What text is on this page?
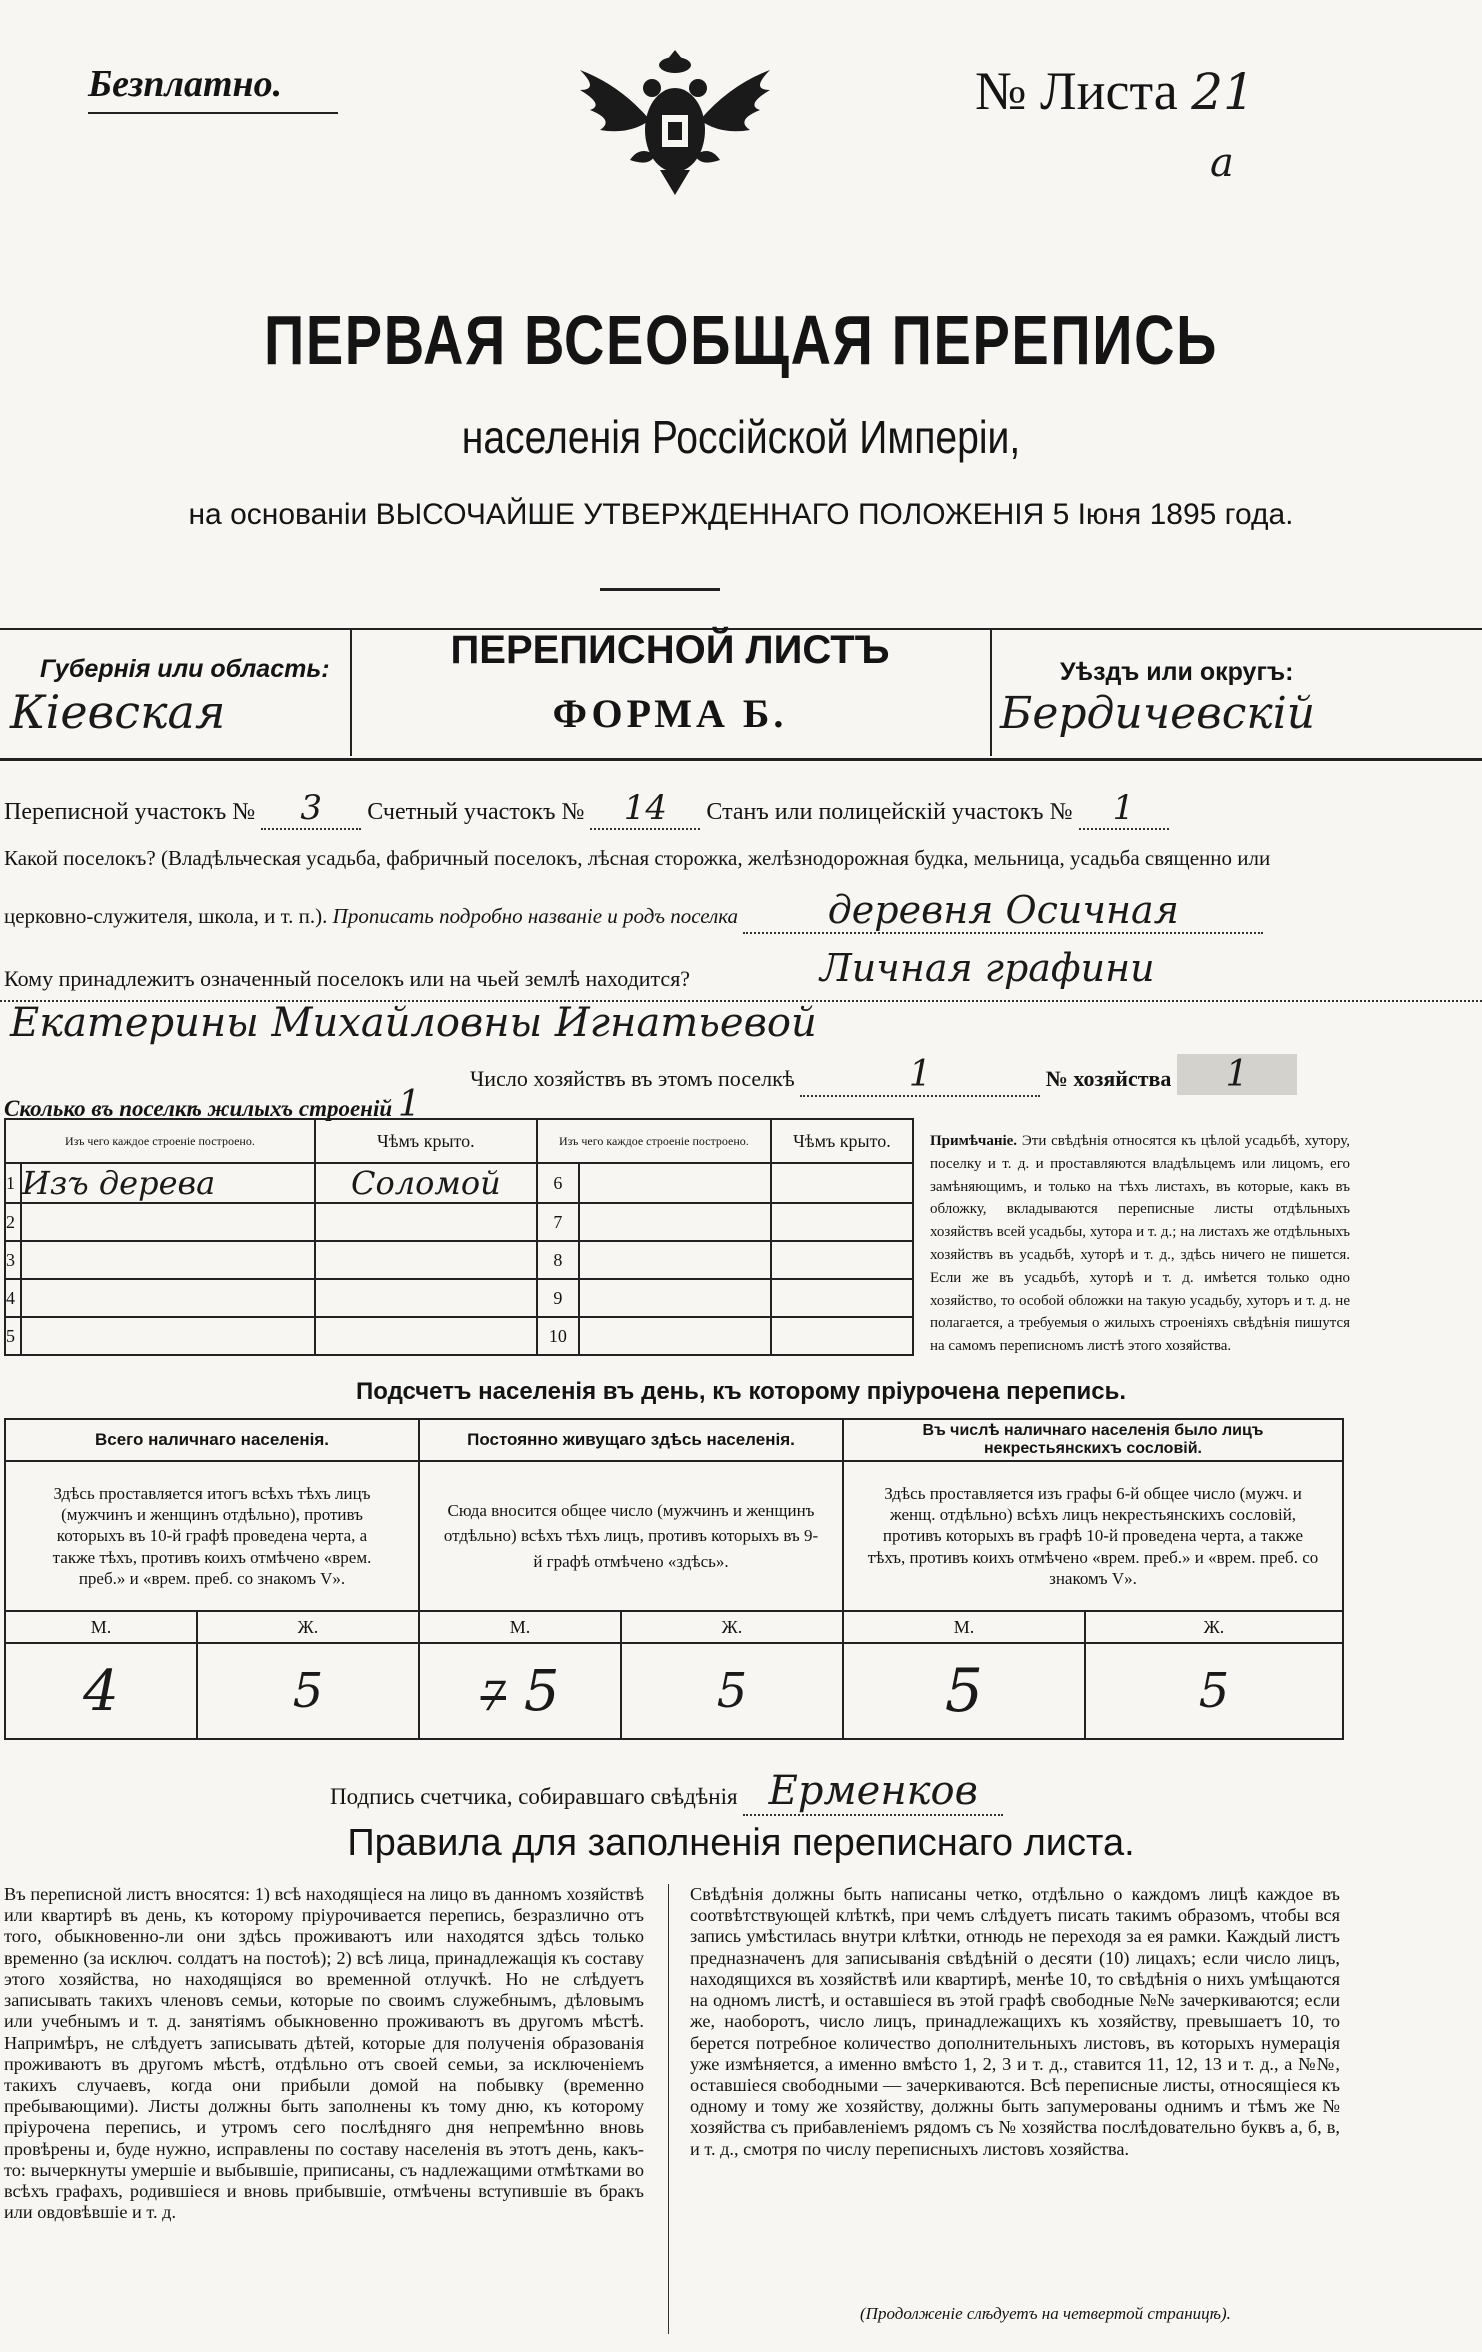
Безплатно.	№ Листа 21
а
ПЕРВАЯ ВСЕОБЩАЯ ПЕРЕПИСЬ
населенія Россійской Имперіи,
на основаніи ВЫСОЧАЙШЕ УТВЕРЖДЕННАГО ПОЛОЖЕНІЯ 5 Іюня 1895 года.
Губернія или область:
Кіевская
ПЕРЕПИСНОЙ ЛИСТЪ
ФОРМА Б.
Уѣздъ или округъ:
Бердичевскій
Переписной участокъ № 3 Счетный участокъ № 14 Станъ или полицейскій участокъ № 1
Какой поселокъ? (Владѣльческая усадьба, фабричный поселокъ, лѣсная сторожка, желѣзнодорожная будка, мельница, усадьба священно или
церковно-служителя, школа, и т. п.). Прописать подробно названіе и родъ поселка деревня Осичная
Кому принадлежитъ означенный поселокъ или на чьей землѣ находится?	Личная графини
Екатерины Михайловны Игнатьевой
Число хозяйствъ въ этомъ поселкѣ	1	№ хозяйства 1
Сколько въ поселкѣ жилыхъ строеній 1
Изъ чего каждое строеніе построено.		Чѣмъ крыто.	Изъ чего каждое строеніе построено.		Чѣмъ крыто.
1	Изъ дерева	Соломой	6		
2			7		
3			8		
4			9		
5			10		
Примѣчаніе. Эти свѣдѣнія относятся къ цѣлой усадьбѣ, хутору, поселку и т. д. и проставляются владѣльцемъ или лицомъ, его замѣняющимъ, и только на тѣхъ листахъ, въ которые, какъ въ обложку, вкладываются переписные листы отдѣльныхъ хозяйствъ всей усадьбы, хутора и т. д.; на листахъ же отдѣльныхъ хозяйствъ въ усадьбѣ, хуторѣ и т. д., здѣсь ничего не пишется. Если же въ усадьбѣ, хуторѣ и т. д. имѣется только одно хозяйство, то особой обложки на такую усадьбу, хуторъ и т. д. не полагается, а требуемыя о жилыхъ строеніяхъ свѣдѣнія пишутся на самомъ переписномъ листѣ этого хозяйства.
Подсчетъ населенія въ день, къ которому пріурочена перепись.
Всего наличнаго населенія.		Постоянно живущаго здѣсь населенія.		Въ числѣ наличнаго населенія было лицъ некрестьянскихъ сословій.	
Здѣсь проставляется итогъ всѣхъ тѣхъ лицъ (мужчинъ и женщинъ отдѣльно), противъ которыхъ въ 10-й графѣ проведена черта, а также тѣхъ, противъ коихъ отмѣчено «врем. преб.» и «врем. преб. со знакомъ V».		Сюда вносится общее число (мужчинъ и женщинъ отдѣльно) всѣхъ тѣхъ лицъ, противъ которыхъ въ 9-й графѣ отмѣчено «здѣсь».		Здѣсь проставляется изъ графы 6-й общее число (мужч. и женщ. отдѣльно) всѣхъ лицъ некрестьянскихъ сословій, противъ которыхъ въ графѣ 10-й проведена черта, а также тѣхъ, противъ коихъ отмѣчено «врем. преб.» и «врем. преб. со знакомъ V».	
М.	Ж.	М.	Ж.	М.	Ж.
4	5	7 5	5	5	5
Подпись счетчика, собиравшаго свѣдѣнія Ерменков
Правила для заполненія переписнаго листа.
Въ переписной листъ вносятся: 1) всѣ находящіеся на лицо въ данномъ хозяйствѣ или квартирѣ въ день, къ которому пріурочивается перепись, безразлично отъ того, обыкновенно-ли они здѣсь проживаютъ или находятся здѣсь только временно (за исключ. солдатъ на постоѣ); 2) всѣ лица, принадлежащія къ составу этого хозяйства, но находящіяся во временной отлучкѣ. Но не слѣдуетъ записывать такихъ членовъ семьи, которые по своимъ служебнымъ, дѣловымъ или учебнымъ и т. д. занятіямъ обыкновенно проживаютъ въ другомъ мѣстѣ. Напримѣръ, не слѣдуетъ записывать дѣтей, которые для полученія образованія проживаютъ въ другомъ мѣстѣ, отдѣльно отъ своей семьи, за исключеніемъ такихъ случаевъ, когда они прибыли домой на побывку (временно пребывающими). Листы должны быть заполнены къ тому дню, къ которому пріурочена перепись, и утромъ сего послѣдняго дня непремѣнно вновь провѣрены и, буде нужно, исправлены по составу населенія въ этотъ день, какъ-то: вычеркнуты умершіе и выбывшіе, приписаны, съ надлежащими отмѣтками во всѣхъ графахъ, родившіеся и вновь прибывшіе, отмѣчены вступившіе въ бракъ или овдовѣвшіе и т. д.
Свѣдѣнія должны быть написаны четко, отдѣльно о каждомъ лицѣ каждое въ соотвѣтствующей клѣткѣ, при чемъ слѣдуетъ писать такимъ образомъ, чтобы вся запись умѣстилась внутри клѣтки, отнюдь не переходя за ея рамки. Каждый листъ предназначенъ для записыванія свѣдѣній о десяти (10) лицахъ; если число лицъ, находящихся въ хозяйствѣ или квартирѣ, менѣе 10, то свѣдѣнія о нихъ умѣщаются на одномъ листѣ, и оставшіеся въ этой графѣ свободные №№ зачеркиваются; если же, наоборотъ, число лицъ, принадлежащихъ къ хозяйству, превышаетъ 10, то берется потребное количество дополнительныхъ листовъ, въ которыхъ нумерація уже измѣняется, а именно вмѣсто 1, 2, 3 и т. д., ставится 11, 12, 13 и т. д., а №№, оставшіеся свободными — зачеркиваются. Всѣ переписные листы, относящіеся къ одному и тому же хозяйству, должны быть запумерованы однимъ и тѣмъ же № хозяйства съ прибавленіемъ рядомъ съ № хозяйства послѣдовательно буквъ а, б, в, и т. д., смотря по числу переписныхъ листовъ хозяйства.
(Продолженіе слѣдуетъ на четвертой страницѣ).
